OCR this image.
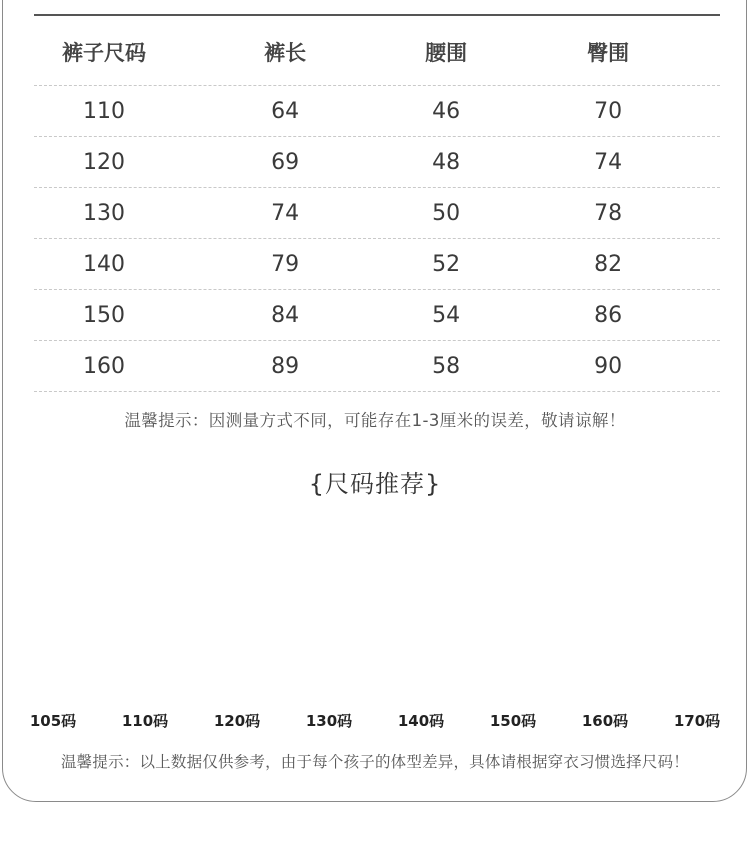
裤子尺码	裤长	腰围	臀围
110	64	46	70
120	69	48	74
130	74	50	78
140	79	52	82
150	84	54	86
160	89	58	90
温馨提示：因测量方式不同，可能存在1-3厘米的误差，敬请谅解！
{尺码推荐}
105码	110码	120码	130码	140码	150码	160码	170码
温馨提示：以上数据仅供参考，由于每个孩子的体型差异，具体请根据穿衣习惯选择尺码！
